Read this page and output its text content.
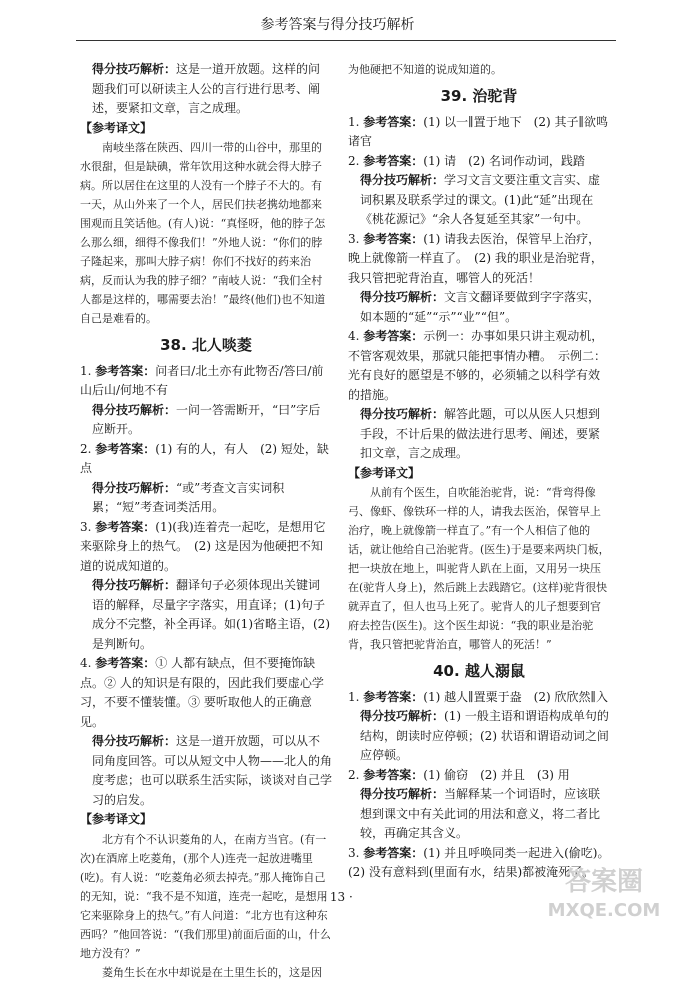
参考答案与得分技巧解析

得分技巧解析：这是一道开放题。这样的问题我们可以研读主人公的言行进行思考、阐述，要紧扣文章，言之成理。

【参考译文】

南岐坐落在陕西、四川一带的山谷中，那里的水很甜，但是缺碘，常年饮用这种水就会得大脖子病。所以居住在这里的人没有一个脖子不大的。有一天，从山外来了一个人，居民们扶老携幼地都来围观而且笑话他。(有人)说：“真怪呀，他的脖子怎么那么细，细得不像我们！”外地人说：“你们的脖子隆起来，那叫大脖子病！你们不找好的药来治病，反而认为我的脖子细？”南岐人说：“我们全村人都是这样的，哪需要去治！”最终(他们)也不知道自己是难看的。

38. 北人啖菱

1. 参考答案：问者曰/北土亦有此物否/答曰/前山后山/何地不有

得分技巧解析：一问一答需断开，“曰”字后应断开。

2. 参考答案：(1) 有的人，有人　(2) 短处，缺点

得分技巧解析：“或”考查文言实词积累；“短”考查词类活用。

3. 参考答案：(1)(我)连着壳一起吃，是想用它来驱除身上的热气。　(2) 这是因为他硬把不知道的说成知道的。

得分技巧解析：翻译句子必须体现出关键词语的解释，尽量字字落实，用直译；(1)句子成分不完整，补全再译。如(1)省略主语，(2)是判断句。

4. 参考答案：① 人都有缺点，但不要掩饰缺点。② 人的知识是有限的，因此我们要虚心学习，不要不懂装懂。③ 要听取他人的正确意见。

得分技巧解析：这是一道开放题，可以从不同角度回答。可以从短文中人物——北人的角度考虑；也可以联系生活实际，谈谈对自己学习的启发。

【参考译文】

北方有个不认识菱角的人，在南方当官。(有一次)在酒席上吃菱角，(那个人)连壳一起放进嘴里(吃)。有人说：“吃菱角必须去掉壳。”那人掩饰自己的无知，说：“我不是不知道，连壳一起吃，是想用它来驱除身上的热气。”有人问道：“北方也有这种东西吗？”他回答说：“(我们那里)前面后面的山，什么地方没有？”

菱角生长在水中却说是在土里生长的，这是因

为他硬把不知道的说成知道的。

39. 治驼背

1. 参考答案：(1) 以一∥置于地下　(2) 其子∥欲鸣诸官

2. 参考答案：(1) 请　(2) 名词作动词，践踏

得分技巧解析：学习文言文要注重文言实、虚词积累及联系学过的课文。(1)此“延”出现在《桃花源记》“余人各复延至其家”一句中。

3. 参考答案：(1) 请我去医治，保管早上治疗，晚上就像箭一样直了。　(2) 我的职业是治驼背，我只管把驼背治直，哪管人的死活！

得分技巧解析：文言文翻译要做到字字落实，如本题的“延”“示”“业”“但”。

4. 参考答案：示例一：办事如果只讲主观动机，不管客观效果，那就只能把事情办糟。　示例二：光有良好的愿望是不够的，必须辅之以科学有效的措施。

得分技巧解析：解答此题，可以从医人只想到手段，不计后果的做法进行思考、阐述，要紧扣文章，言之成理。

【参考译文】

从前有个医生，自吹能治驼背，说：“背弯得像弓、像虾、像铁环一样的人，请我去医治，保管早上治疗，晚上就像箭一样直了。”有一个人相信了他的话，就让他给自己治驼背。(医生)于是要来两块门板，把一块放在地上，叫驼背人趴在上面，又用另一块压在(驼背人身上)，然后跳上去践踏它。(这样)驼背很快就弄直了，但人也马上死了。驼背人的儿子想要到官府去控告(医生)。这个医生却说：“我的职业是治驼背，我只管把驼背治直，哪管人的死活！”

40. 越人溺鼠

1. 参考答案：(1) 越人∥置粟于盎　(2) 欣欣然∥入

得分技巧解析：(1) 一般主语和谓语构成单句的结构，朗读时应停顿；(2) 状语和谓语动词之间应停顿。

2. 参考答案：(1) 偷窃　(2) 并且　(3) 用

得分技巧解析：当解释某一个词语时，应该联想到课文中有关此词的用法和意义，将二者比较，再确定其含义。

3. 参考答案：(1) 并且呼唤同类一起进入(偷吃)。(2) 没有意料到(里面有水，结果)都被淹死了。

· 13 ·	答案圈
MXQE.COM
